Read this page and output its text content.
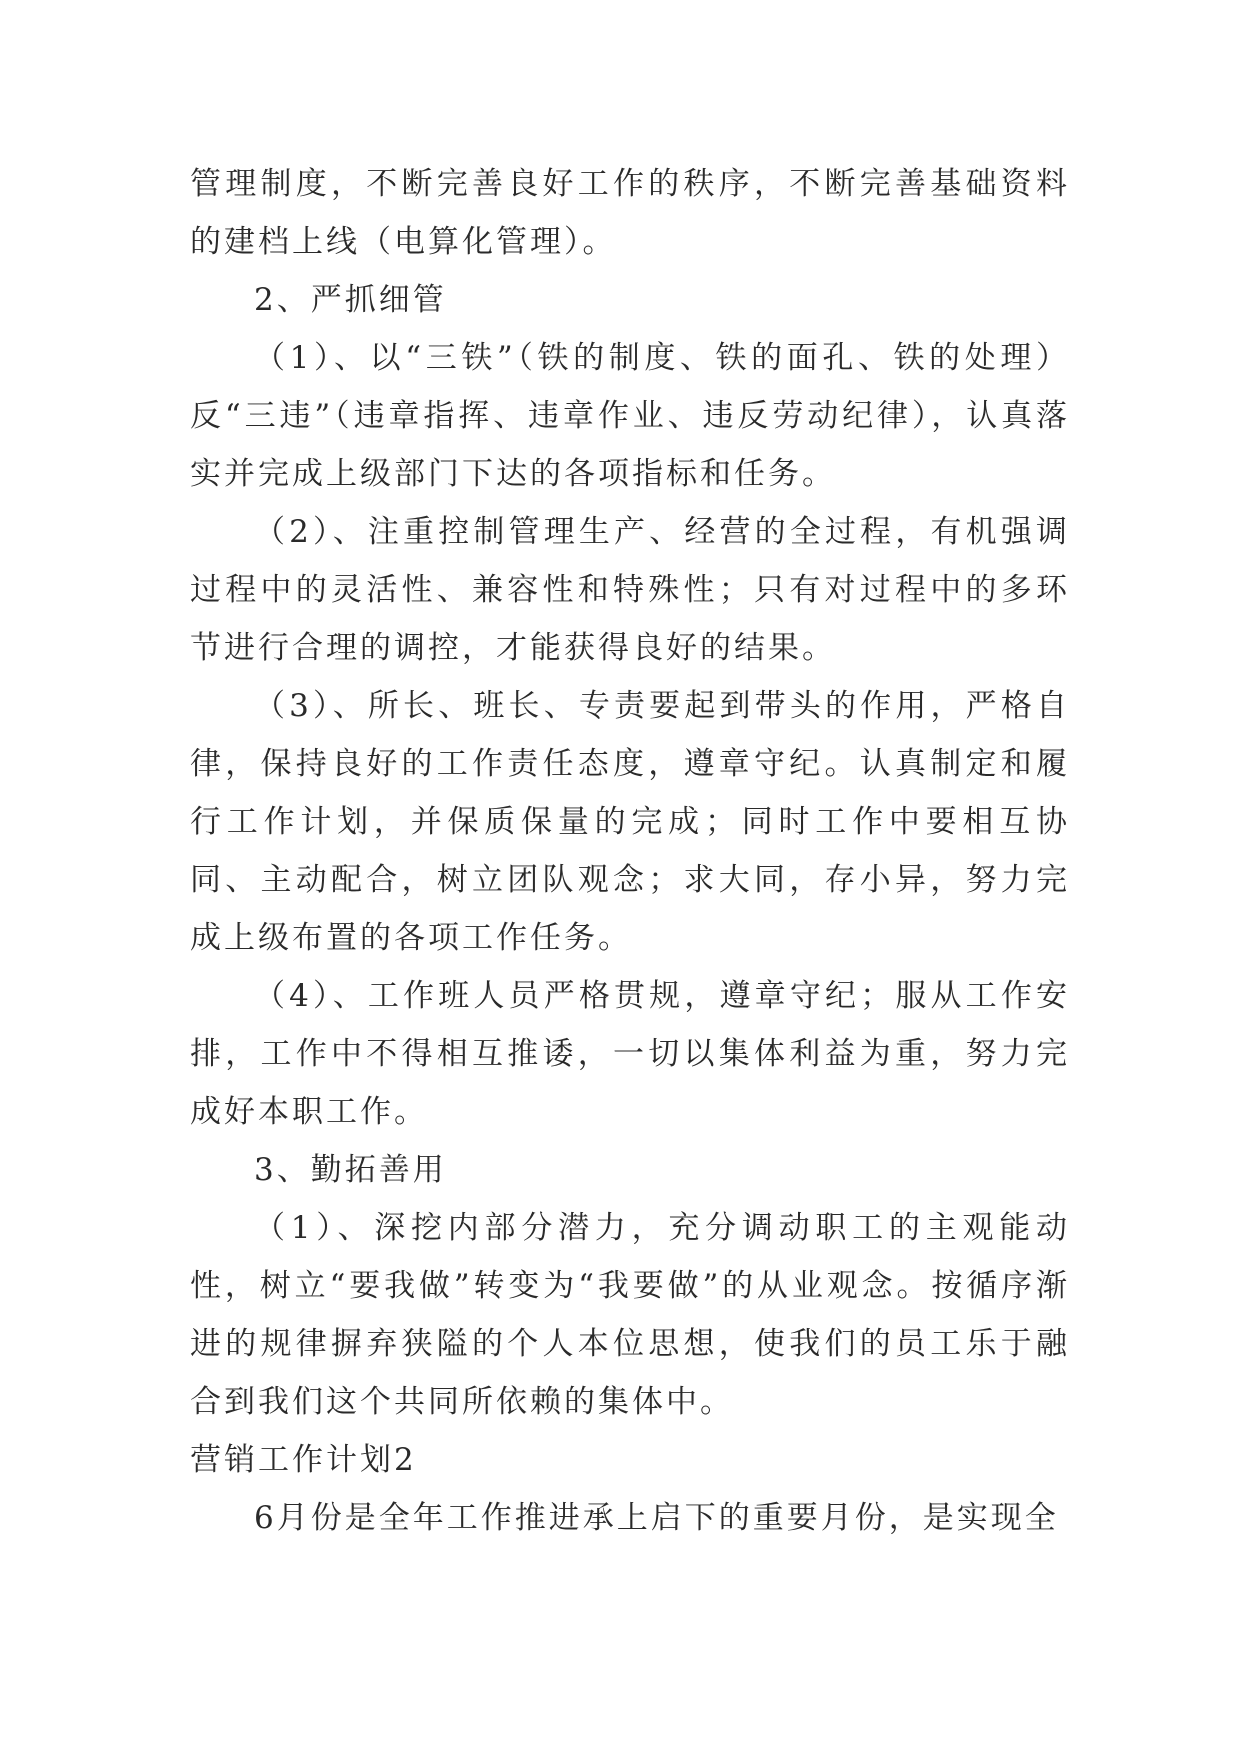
管理制度，不断完善良好工作的秩序，不断完善基础资料的建档上线（电算化管理）。

2、严抓细管

（1）、以“三铁”（铁的制度、铁的面孔、铁的处理）反“三违”（违章指挥、违章作业、违反劳动纪律），认真落实并完成上级部门下达的各项指标和任务。

（2）、注重控制管理生产、经营的全过程，有机强调过程中的灵活性、兼容性和特殊性；只有对过程中的多环节进行合理的调控，才能获得良好的结果。

（3）、所长、班长、专责要起到带头的作用，严格自律，保持良好的工作责任态度，遵章守纪。认真制定和履行工作计划，并保质保量的完成；同时工作中要相互协同、主动配合，树立团队观念；求大同，存小异，努力完成上级布置的各项工作任务。

（4）、工作班人员严格贯规，遵章守纪；服从工作安排，工作中不得相互推诿，一切以集体利益为重，努力完成好本职工作。

3、勤拓善用

（1）、深挖内部分潜力，充分调动职工的主观能动性，树立“要我做”转变为“我要做”的从业观念。按循序渐进的规律摒弃狭隘的个人本位思想，使我们的员工乐于融合到我们这个共同所依赖的集体中。

营销工作计划2

6月份是全年工作推进承上启下的重要月份，是实现全
